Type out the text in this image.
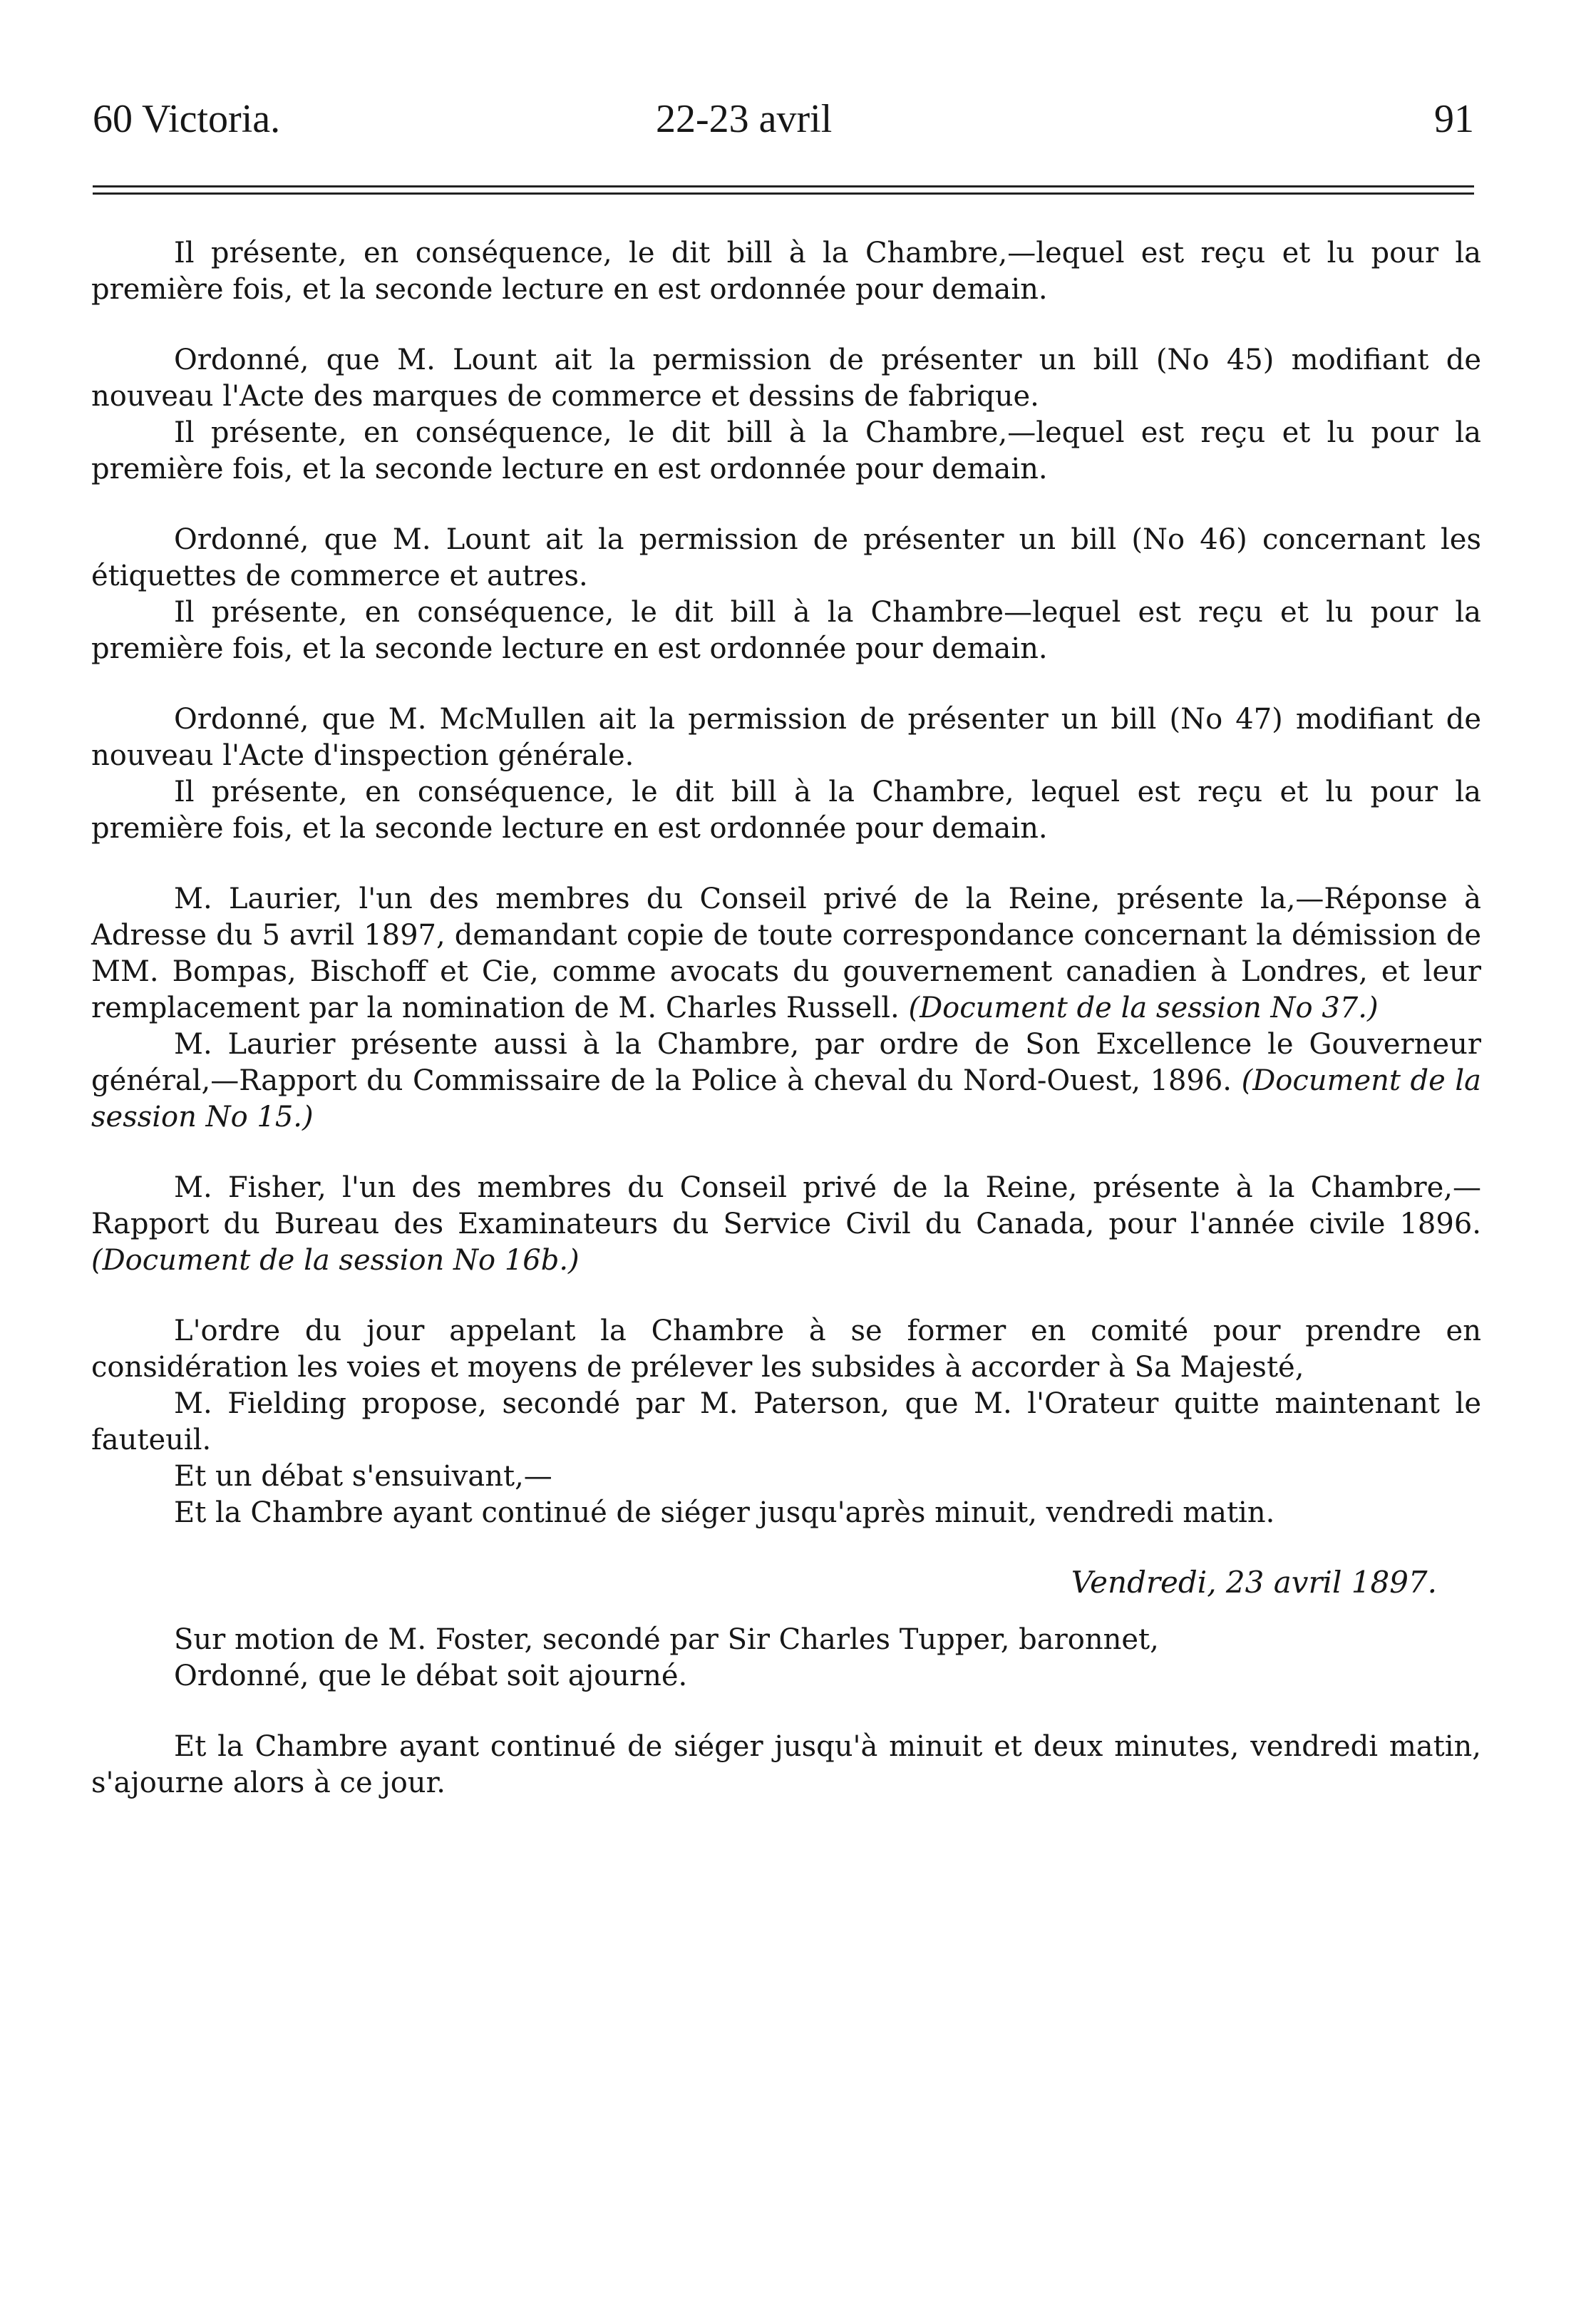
60 Victoria.	22-23 avril	91

Il présente, en conséquence, le dit bill à la Chambre,—lequel est reçu et lu pour la première fois, et la seconde lecture en est ordonnée pour demain.

Ordonné, que M. Lount ait la permission de présenter un bill (No 45) modifiant de nouveau l'Acte des marques de commerce et dessins de fabrique.

Il présente, en conséquence, le dit bill à la Chambre,—lequel est reçu et lu pour la première fois, et la seconde lecture en est ordonnée pour demain.

Ordonné, que M. Lount ait la permission de présenter un bill (No 46) concernant les étiquettes de commerce et autres.

Il présente, en conséquence, le dit bill à la Chambre—lequel est reçu et lu pour la première fois, et la seconde lecture en est ordonnée pour demain.

Ordonné, que M. McMullen ait la permission de présenter un bill (No 47) modifiant de nouveau l'Acte d'inspection générale.

Il présente, en conséquence, le dit bill à la Chambre, lequel est reçu et lu pour la première fois, et la seconde lecture en est ordonnée pour demain.

M. Laurier, l'un des membres du Conseil privé de la Reine, présente la,—Réponse à Adresse du 5 avril 1897, demandant copie de toute correspondance concernant la démission de MM. Bompas, Bischoff et Cie, comme avocats du gouvernement canadien à Londres, et leur remplacement par la nomination de M. Charles Russell. (Document de la session No 37.)

M. Laurier présente aussi à la Chambre, par ordre de Son Excellence le Gouverneur général,—Rapport du Commissaire de la Police à cheval du Nord-Ouest, 1896. (Document de la session No 15.)

M. Fisher, l'un des membres du Conseil privé de la Reine, présente à la Chambre,—Rapport du Bureau des Examinateurs du Service Civil du Canada, pour l'année civile 1896. (Document de la session No 16b.)

L'ordre du jour appelant la Chambre à se former en comité pour prendre en considération les voies et moyens de prélever les subsides à accorder à Sa Majesté,

M. Fielding propose, secondé par M. Paterson, que M. l'Orateur quitte maintenant le fauteuil.

Et un débat s'ensuivant,—

Et la Chambre ayant continué de siéger jusqu'après minuit, vendredi matin.

Vendredi, 23 avril 1897.

Sur motion de M. Foster, secondé par Sir Charles Tupper, baronnet,

Ordonné, que le débat soit ajourné.

Et la Chambre ayant continué de siéger jusqu'à minuit et deux minutes, vendredi matin, s'ajourne alors à ce jour.
